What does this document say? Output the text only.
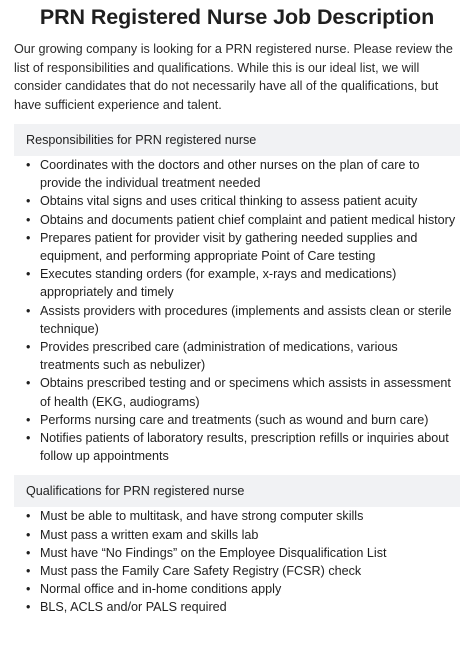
PRN Registered Nurse Job Description

Our growing company is looking for a PRN registered nurse. Please review the list of responsibilities and qualifications. While this is our ideal list, we will consider candidates that do not necessarily have all of the qualifications, but have sufficient experience and talent.

Responsibilities for PRN registered nurse
• Coordinates with the doctors and other nurses on the plan of care to provide the individual treatment needed
• Obtains vital signs and uses critical thinking to assess patient acuity
• Obtains and documents patient chief complaint and patient medical history
• Prepares patient for provider visit by gathering needed supplies and equipment, and performing appropriate Point of Care testing
• Executes standing orders (for example, x-rays and medications) appropriately and timely
• Assists providers with procedures (implements and assists clean or sterile technique)
• Provides prescribed care (administration of medications, various treatments such as nebulizer)
• Obtains prescribed testing and or specimens which assists in assessment of health (EKG, audiograms)
• Performs nursing care and treatments (such as wound and burn care)
• Notifies patients of laboratory results, prescription refills or inquiries about follow up appointments
Qualifications for PRN registered nurse
• Must be able to multitask, and have strong computer skills
• Must pass a written exam and skills lab
• Must have “No Findings” on the Employee Disqualification List
• Must pass the Family Care Safety Registry (FCSR) check
• Normal office and in-home conditions apply
• BLS, ACLS and/or PALS required
